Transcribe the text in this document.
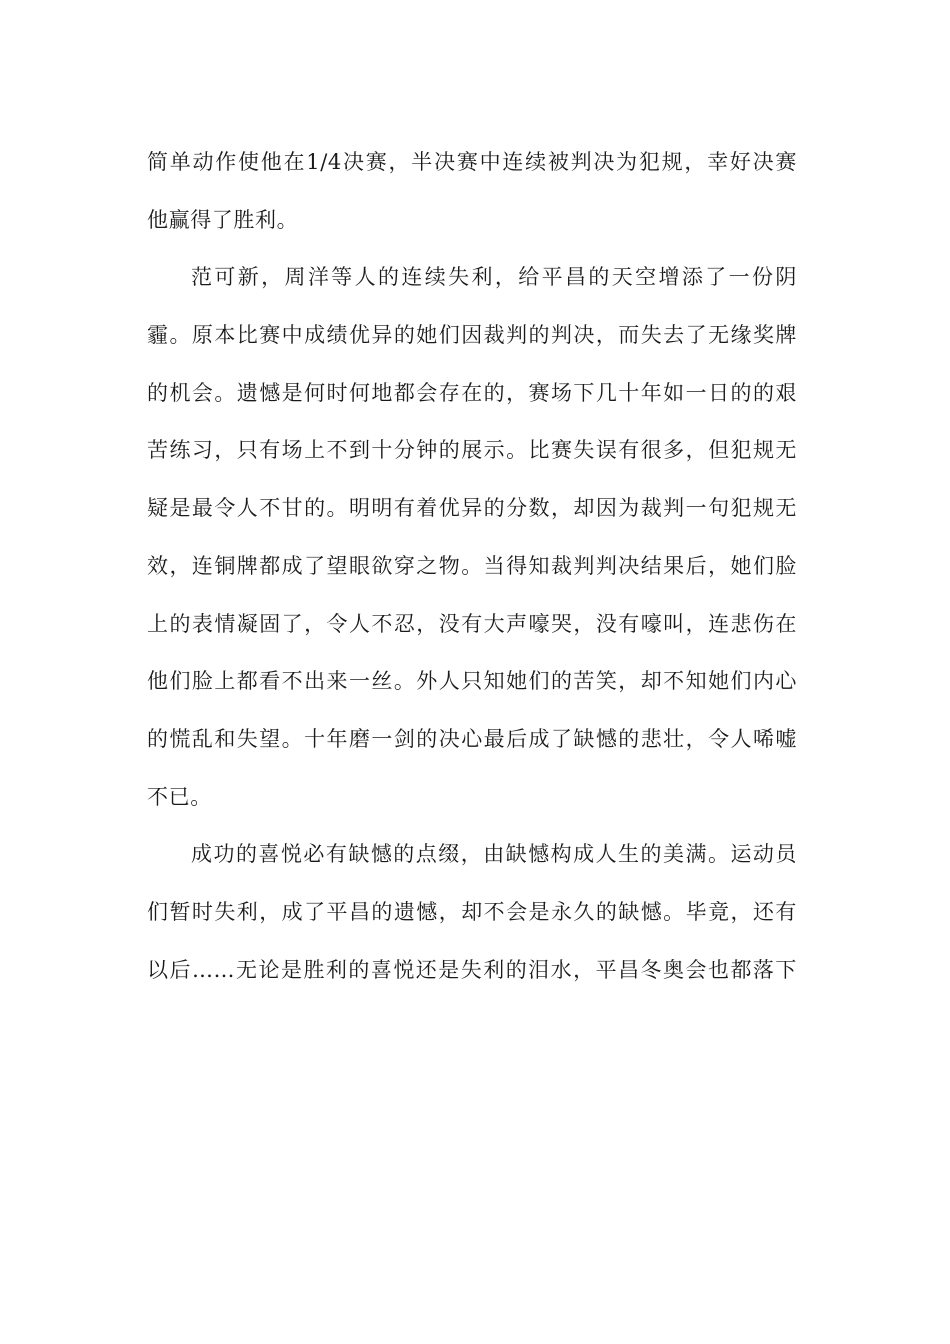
简单动作使他在1/4决赛，半决赛中连续被判决为犯规，幸好决赛
他赢得了胜利。
范可新，周洋等人的连续失利，给平昌的天空增添了一份阴
霾。原本比赛中成绩优异的她们因裁判的判决，而失去了无缘奖牌
的机会。遗憾是何时何地都会存在的，赛场下几十年如一日的的艰
苦练习，只有场上不到十分钟的展示。比赛失误有很多，但犯规无
疑是最令人不甘的。明明有着优异的分数，却因为裁判一句犯规无
效，连铜牌都成了望眼欲穿之物。当得知裁判判决结果后，她们脸
上的表情凝固了，令人不忍，没有大声嚎哭，没有嚎叫，连悲伤在
他们脸上都看不出来一丝。外人只知她们的苦笑，却不知她们内心
的慌乱和失望。十年磨一剑的决心最后成了缺憾的悲壮，令人唏嘘
不已。
成功的喜悦必有缺憾的点缀，由缺憾构成人生的美满。运动员
们暂时失利，成了平昌的遗憾，却不会是永久的缺憾。毕竟，还有
以后……无论是胜利的喜悦还是失利的泪水，平昌冬奥会也都落下
